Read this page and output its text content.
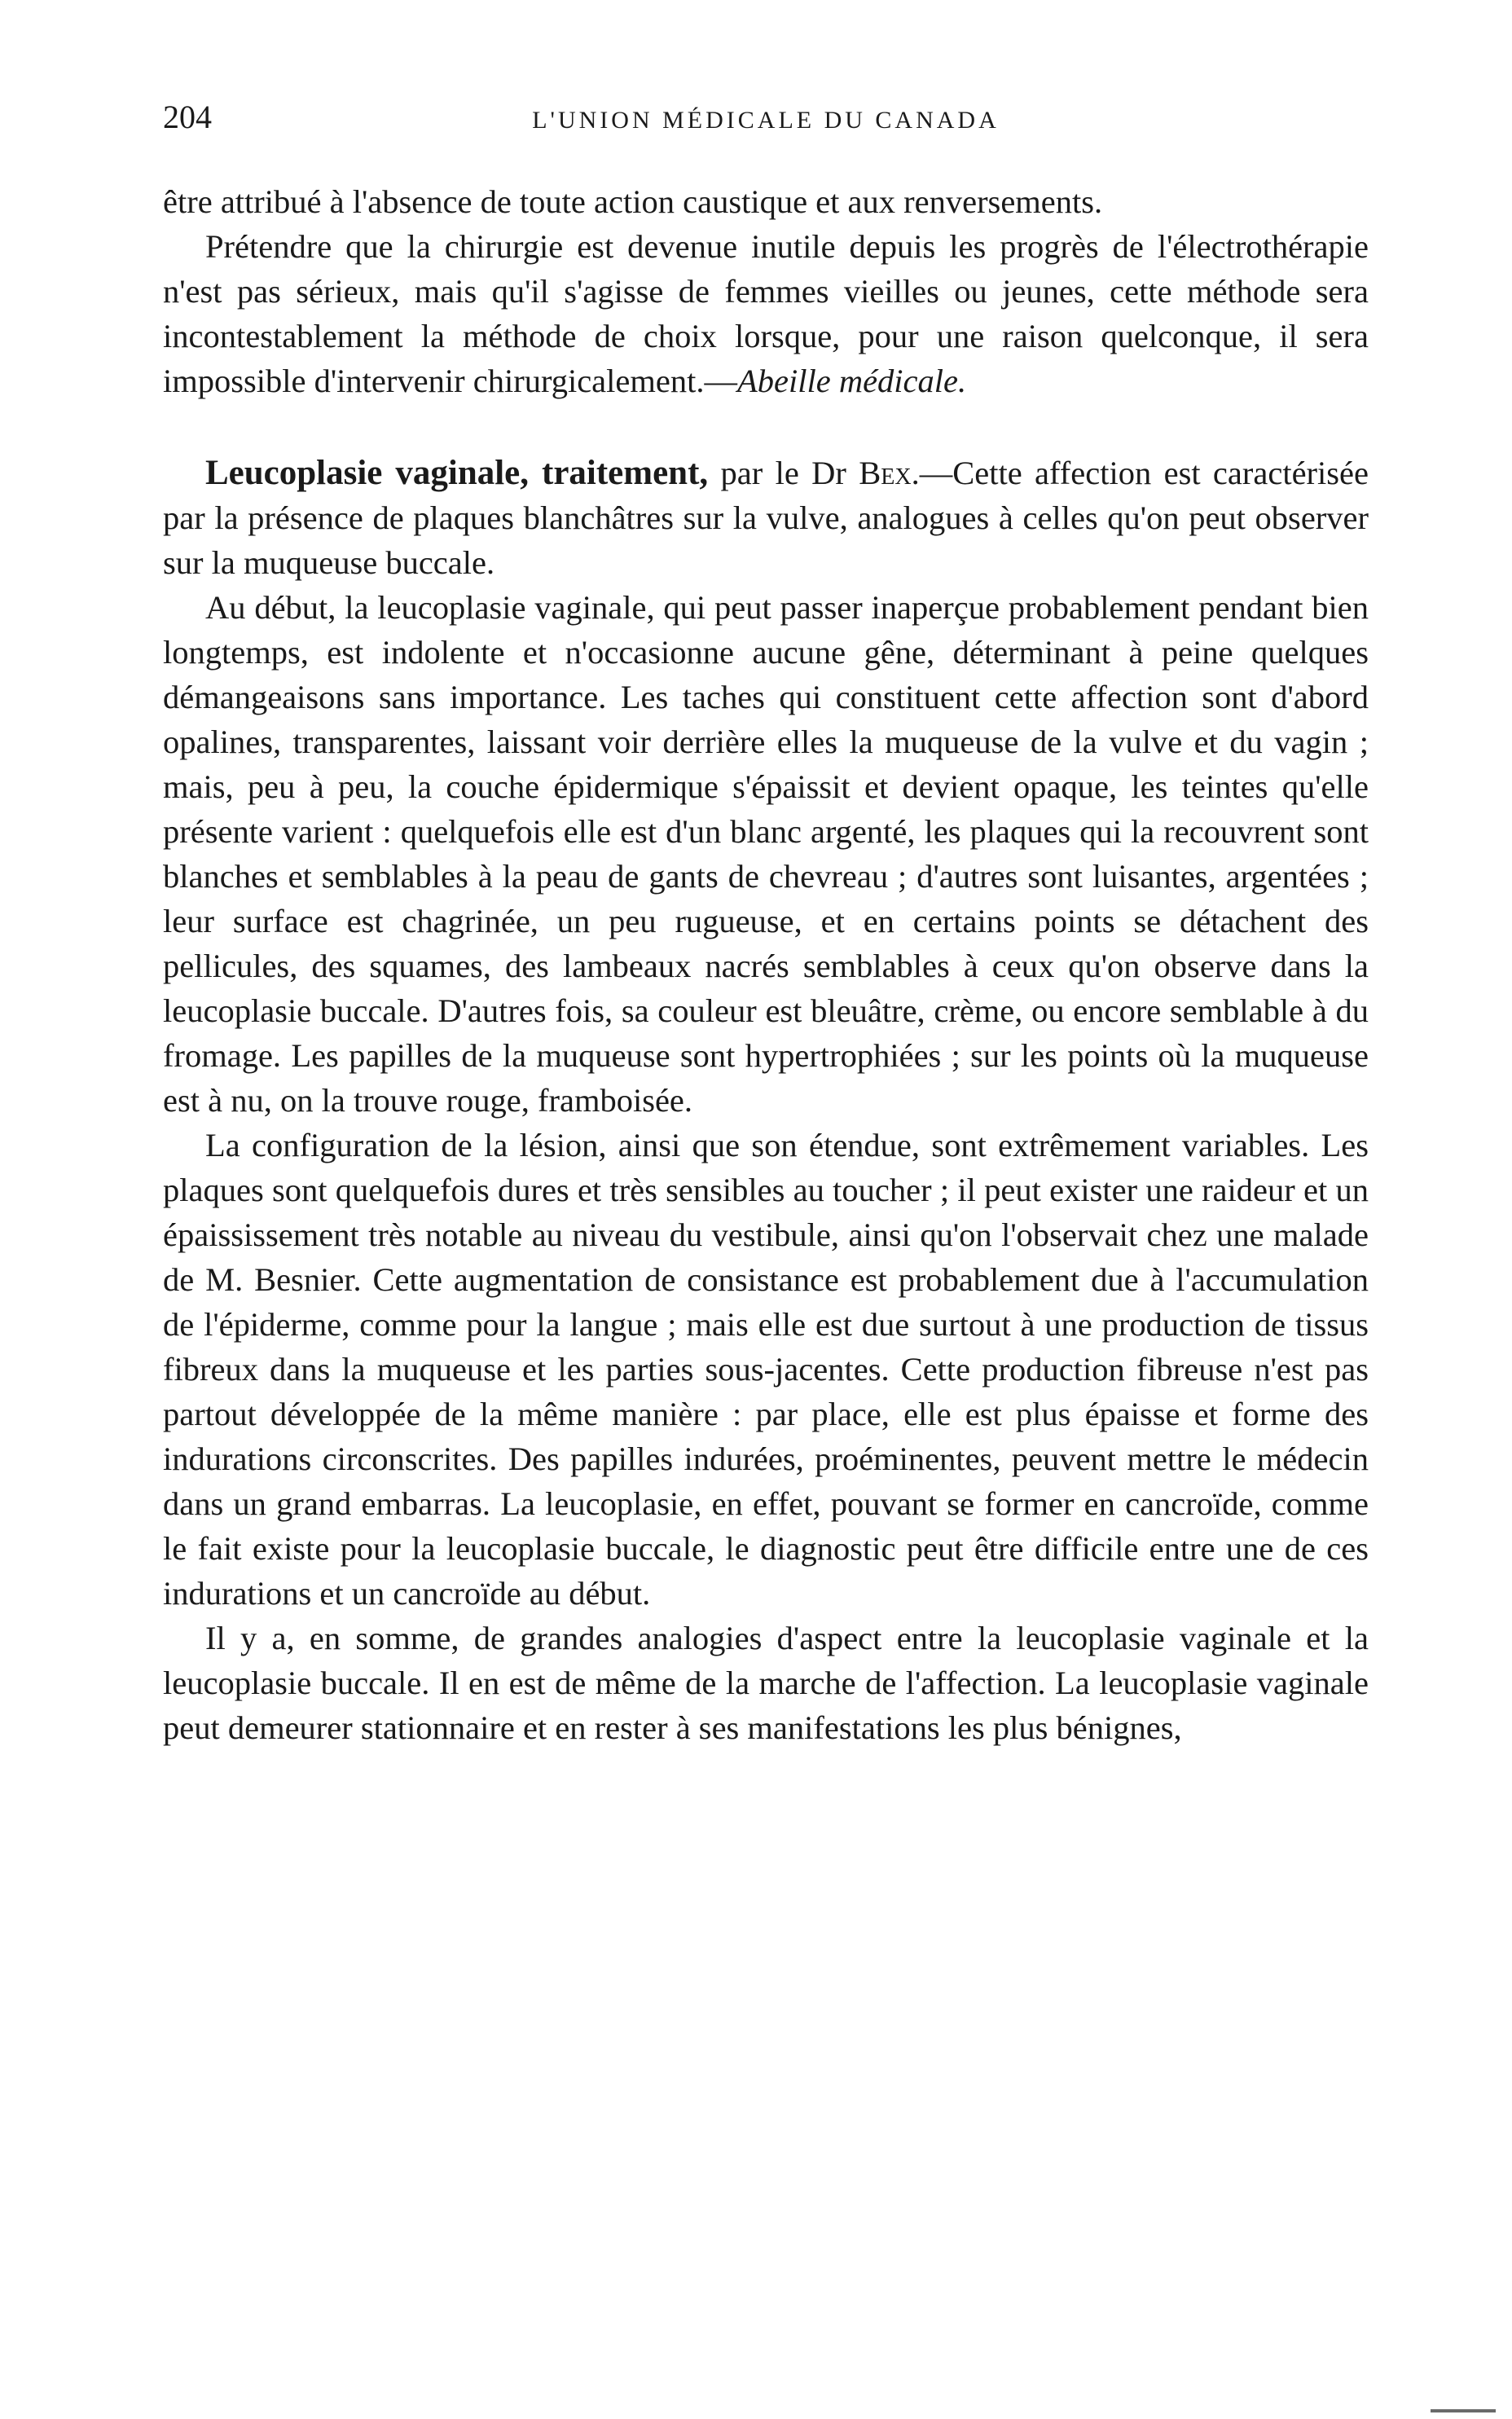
204	L'UNION MÉDICALE DU CANADA

être attribué à l'absence de toute action caustique et aux renversements.

Prétendre que la chirurgie est devenue inutile depuis les progrès de l'électrothérapie n'est pas sérieux, mais qu'il s'agisse de femmes vieilles ou jeunes, cette méthode sera incontestablement la méthode de choix lorsque, pour une raison quelconque, il sera impossible d'intervenir chirurgicalement.—Abeille médicale.

Leucoplasie vaginale, traitement, par le Dr Bex.—Cette affection est caractérisée par la présence de plaques blanchâtres sur la vulve, analogues à celles qu'on peut observer sur la muqueuse buccale.

Au début, la leucoplasie vaginale, qui peut passer inaperçue probablement pendant bien longtemps, est indolente et n'occasionne aucune gêne, déterminant à peine quelques démangeaisons sans importance. Les taches qui constituent cette affection sont d'abord opalines, transparentes, laissant voir derrière elles la muqueuse de la vulve et du vagin ; mais, peu à peu, la couche épidermique s'épaissit et devient opaque, les teintes qu'elle présente varient : quelquefois elle est d'un blanc argenté, les plaques qui la recouvrent sont blanches et semblables à la peau de gants de chevreau ; d'autres sont luisantes, argentées ; leur surface est chagrinée, un peu rugueuse, et en certains points se détachent des pellicules, des squames, des lambeaux nacrés semblables à ceux qu'on observe dans la leucoplasie buccale. D'autres fois, sa couleur est bleuâtre, crème, ou encore semblable à du fromage. Les papilles de la muqueuse sont hypertrophiées ; sur les points où la muqueuse est à nu, on la trouve rouge, framboisée.

La configuration de la lésion, ainsi que son étendue, sont extrêmement variables. Les plaques sont quelquefois dures et très sensibles au toucher ; il peut exister une raideur et un épaississement très notable au niveau du vestibule, ainsi qu'on l'observait chez une malade de M. Besnier. Cette augmentation de consistance est probablement due à l'accumulation de l'épiderme, comme pour la langue ; mais elle est due surtout à une production de tissus fibreux dans la muqueuse et les parties sous-jacentes. Cette production fibreuse n'est pas partout développée de la même manière : par place, elle est plus épaisse et forme des indurations circonscrites. Des papilles indurées, proéminentes, peuvent mettre le médecin dans un grand embarras. La leucoplasie, en effet, pouvant se former en cancroïde, comme le fait existe pour la leucoplasie buccale, le diagnostic peut être difficile entre une de ces indurations et un cancroïde au début.

Il y a, en somme, de grandes analogies d'aspect entre la leucoplasie vaginale et la leucoplasie buccale. Il en est de même de la marche de l'affection. La leucoplasie vaginale peut demeurer stationnaire et en rester à ses manifestations les plus bénignes,
